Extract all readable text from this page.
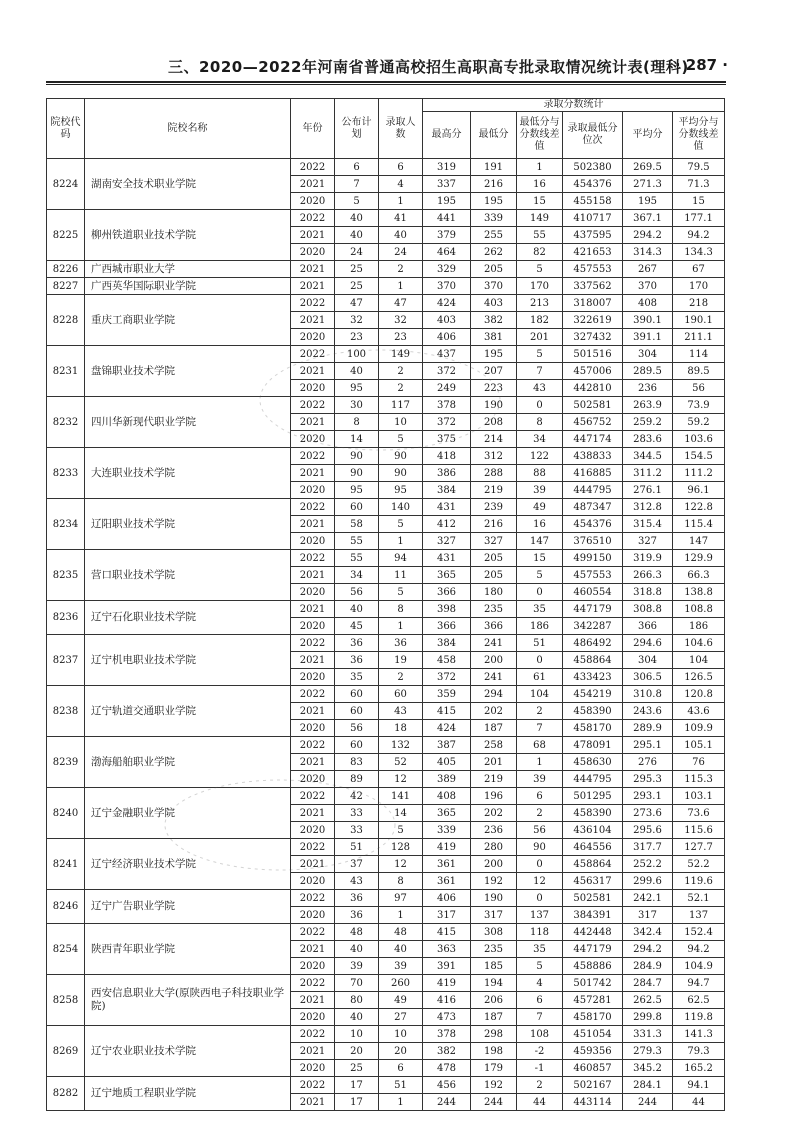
三、2020—2022年河南省普通高校招生高职高专批录取情况统计表(理科)
· 287 ·
院校代码	院校名称	年份	公布计划	录取人数	录取分数统计					
					最高分	最低分	最低分与分数线差值	录取最低分位次	平均分	平均分与分数线差值
8224	湖南安全技术职业学院	2022	6	6	319	191	1	502380	269.5	79.5
		2021	7	4	337	216	16	454376	271.3	71.3
		2020	5	1	195	195	15	455158	195	15
8225	柳州铁道职业技术学院	2022	40	41	441	339	149	410717	367.1	177.1
		2021	40	40	379	255	55	437595	294.2	94.2
		2020	24	24	464	262	82	421653	314.3	134.3
8226	广西城市职业大学	2021	25	2	329	205	5	457553	267	67
8227	广西英华国际职业学院	2021	25	1	370	370	170	337562	370	170
8228	重庆工商职业学院	2022	47	47	424	403	213	318007	408	218
		2021	32	32	403	382	182	322619	390.1	190.1
		2020	23	23	406	381	201	327432	391.1	211.1
8231	盘锦职业技术学院	2022	100	149	437	195	5	501516	304	114
		2021	40	2	372	207	7	457006	289.5	89.5
		2020	95	2	249	223	43	442810	236	56
8232	四川华新现代职业学院	2022	30	117	378	190	0	502581	263.9	73.9
		2021	8	10	372	208	8	456752	259.2	59.2
		2020	14	5	375	214	34	447174	283.6	103.6
8233	大连职业技术学院	2022	90	90	418	312	122	438833	344.5	154.5
		2021	90	90	386	288	88	416885	311.2	111.2
		2020	95	95	384	219	39	444795	276.1	96.1
8234	辽阳职业技术学院	2022	60	140	431	239	49	487347	312.8	122.8
		2021	58	5	412	216	16	454376	315.4	115.4
		2020	55	1	327	327	147	376510	327	147
8235	营口职业技术学院	2022	55	94	431	205	15	499150	319.9	129.9
		2021	34	11	365	205	5	457553	266.3	66.3
		2020	56	5	366	180	0	460554	318.8	138.8
8236	辽宁石化职业技术学院	2021	40	8	398	235	35	447179	308.8	108.8
		2020	45	1	366	366	186	342287	366	186
8237	辽宁机电职业技术学院	2022	36	36	384	241	51	486492	294.6	104.6
		2021	36	19	458	200	0	458864	304	104
		2020	35	2	372	241	61	433423	306.5	126.5
8238	辽宁轨道交通职业学院	2022	60	60	359	294	104	454219	310.8	120.8
		2021	60	43	415	202	2	458390	243.6	43.6
		2020	56	18	424	187	7	458170	289.9	109.9
8239	渤海船舶职业学院	2022	60	132	387	258	68	478091	295.1	105.1
		2021	83	52	405	201	1	458630	276	76
		2020	89	12	389	219	39	444795	295.3	115.3
8240	辽宁金融职业学院	2022	42	141	408	196	6	501295	293.1	103.1
		2021	33	14	365	202	2	458390	273.6	73.6
		2020	33	5	339	236	56	436104	295.6	115.6
8241	辽宁经济职业技术学院	2022	51	128	419	280	90	464556	317.7	127.7
		2021	37	12	361	200	0	458864	252.2	52.2
		2020	43	8	361	192	12	456317	299.6	119.6
8246	辽宁广告职业学院	2022	36	97	406	190	0	502581	242.1	52.1
		2020	36	1	317	317	137	384391	317	137
8254	陕西青年职业学院	2022	48	48	415	308	118	442448	342.4	152.4
		2021	40	40	363	235	35	447179	294.2	94.2
		2020	39	39	391	185	5	458886	284.9	104.9
8258	西安信息职业大学(原陕西电子科技职业学院)	2022	70	260	419	194	4	501742	284.7	94.7
		2021	80	49	416	206	6	457281	262.5	62.5
		2020	40	27	473	187	7	458170	299.8	119.8
8269	辽宁农业职业技术学院	2022	10	10	378	298	108	451054	331.3	141.3
		2021	20	20	382	198	-2	459356	279.3	79.3
		2020	25	6	478	179	-1	460857	345.2	165.2
8282	辽宁地质工程职业学院	2022	17	51	456	192	2	502167	284.1	94.1
		2021	17	1	244	244	44	443114	244	44
